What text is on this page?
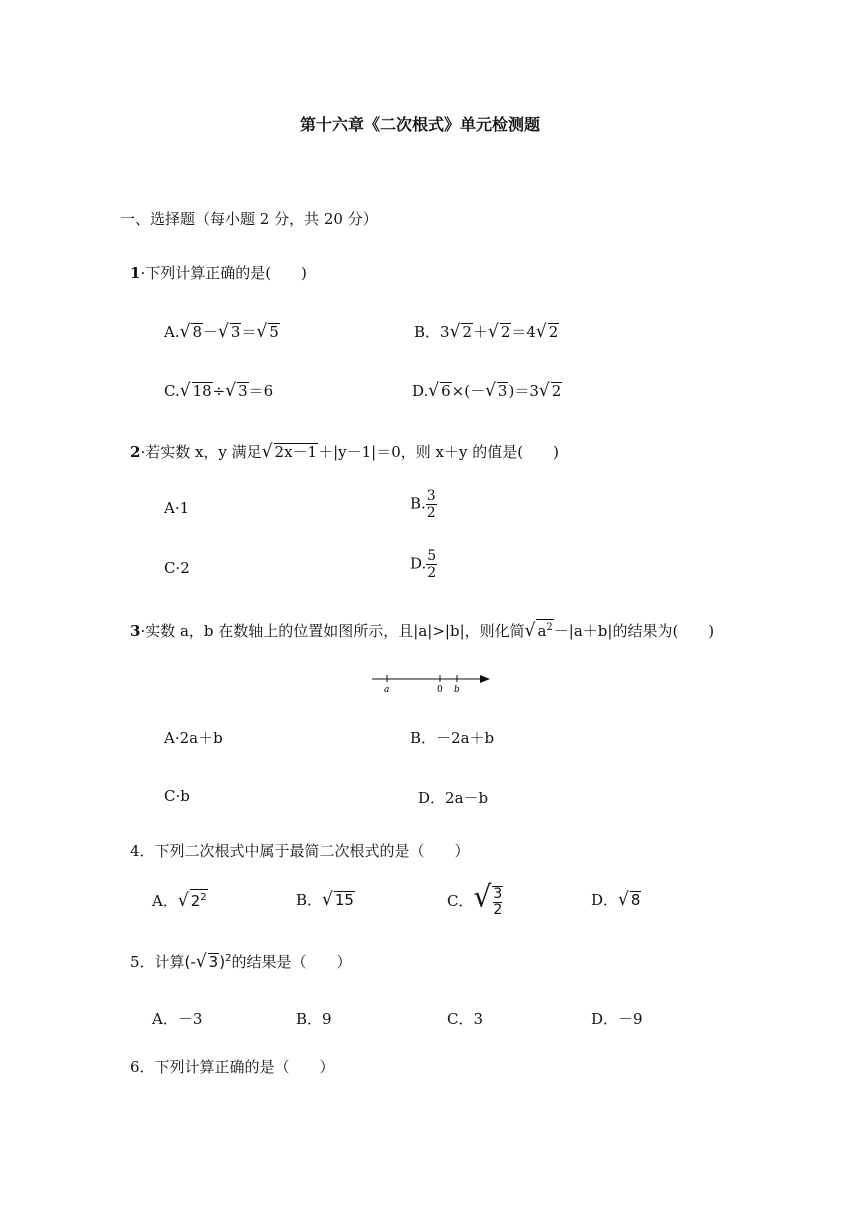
第十六章《二次根式》单元检测题
一、选择题（每小题 2 分，共 20 分）
1·下列计算正确的是(　　)
A.√ 8－√ 3＝√ 5	B．3√ 2＋√ 2＝4√ 2
C.√ 18÷√ 3＝6	D.√ 6×(－√ 3)＝3√ 2
2·若实数 x，y 满足√ 2x－1＋|y－1|＝0，则 x＋y 的值是(　　)
A·1	B. $\frac{3}{2}$
C·2	D. $\frac{5}{2}$
3·实数 a，b 在数轴上的位置如图所示，且|a|>|b|，则化简√ $a^2-|a+b|$的结果为(　　)
a	0 b
A·2a＋b	B．－2a＋b
C·b	D．2a－b
4．下列二次根式中属于最简二次根式的是（　　）
A．√ $2^2$	B．√ 15	C．√ $\frac{3}{2}$	D．√ 8
5．计算(-√ 3)$^2$的结果是（　　）
A．－3	B．9	C．3	D．－9
6．下列计算正确的是（　　）
